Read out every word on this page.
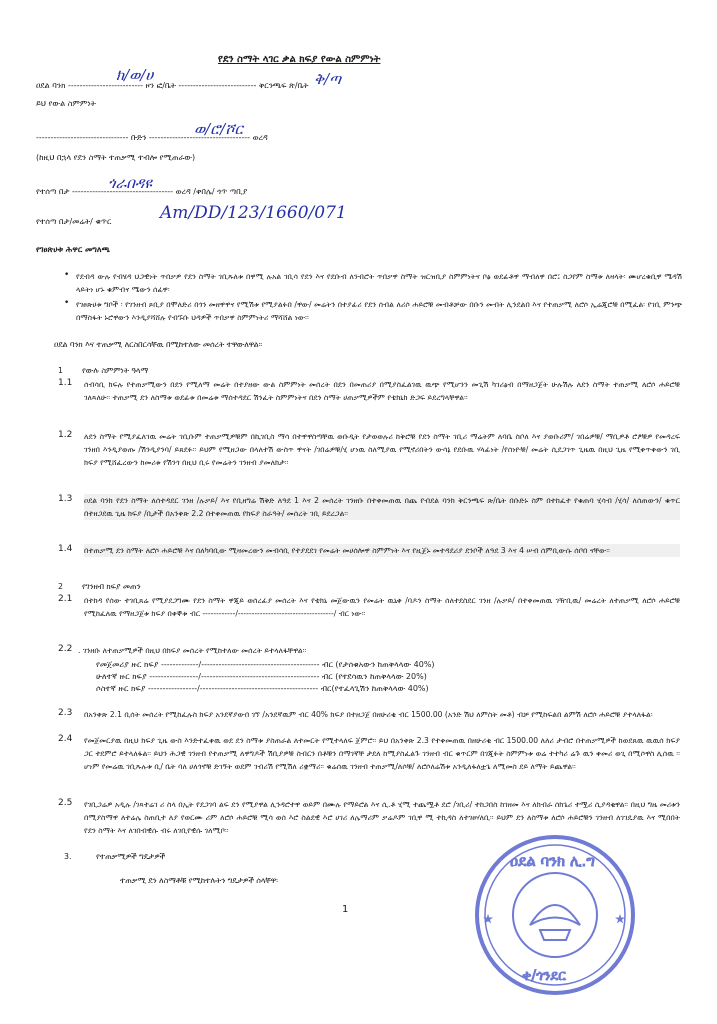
የደን ስማት ላገር ቃል ክፍያ የውል ስምምነት
ዐደል ባንክ -------------------------- ዞን ፎ/ቤት --------------------------- ቅርንጫፍ ጽ/ቤት
ክ/ወ/ሀ	ቅ/ጣ
ይህ የውል ስምምነት
-------------------------------- ቡድን ----------------------------------- ወረዳ
ወ/ሮ/ሾር
(ከዚህ በኋላ የደን ስማት ተጠቃሚ ተብሎ የሚጠራው)
የተሰጣ በታ ----------------------------------- ወረዳ /ቀበሌ/ ጎጥ ጣቢያ
ጎራበዳዩ
የተሰጣ በታ/መሬት/ ቁጥር	Am/DD/123/1660/071
የገፀጽሀቱ ሕዋር መግለጫ
• የደብዳ ውሉ የብሄዳ ህጋዊነት ጥበቃዎ የደን ስማት ገቢጹለቱ በዋሚ ሉአል ገቢሳ የደን እና የደቡብ ለንብሮት ጥበቃዋ ስማት ዝርዝቢያ ስምምነትና ቦፅ ወደፊቶዋ ማብለዋ በሮ፤ ስጋየም ስማቱ ለዛላት፡ ሙሆረቁቢዋ ሜዳሽ ላይትነ ሆኑ ቁምብና ሜውን ሰፊዋ፡
• የገፀጽሀቱ ግቦች ፡ የገንዘብ ጾቢያ በሞለድሪ በጎን መዘዋዋና የሚሽቱ የሚያልፉበ /ዋው/ መሬትን በተያፊሪ የደን ሰብል ለሪሶ ሐይሮቹ መብቶቻው በቡን መብት ሊንደልበ እና የተጠቃሚ ለሮሶ ኢሬጂሮቹ በሚፈል፡ የገቢ ምንጭ በማስፋት ኑሮዋውን እንዲያሻሸሉ የብኙቡ ህዳዎች ጥበቃዋ ስምምነትሪ ማሻሸል ነው፡፡
ዐደል ባንክ እና ተጠቃሚ ለርስበርሳቸዉ በሚከተለው መሰረት ተዋውለዋል፡፡
1 የውሉ ስምምነት ዓላማ
1.1 ሰብሳቢ ክፍሉ የተጠቃሚውን በደን የሚለማ መሬት በተያዘው ውል ስምምነት መሰረት በደን በመጠሪያ በሚያስፈልገዉ ዉጭ የሚሆንን መጊሽ ካገሪፅብ በማዘጋጀት ሁሉሽሉ ለደን ስማት ተጠቃሚ ለሮሶ ሐይሮቹ ገለጻለሁ፡፡ ተጠቃሚ ደን ለስማቱ ወደፊቱ በመሬቱ ማሰተዳደር ሽንፈት ስምምነትና በደን ስማት ሀጠቃሚዎችም የቴክኒክ ድጋፍ ይደረግላቸዋል፡፡
1.2 ለደን ስማት የሚያፈለገዉ መሬት ገቢቡም ተጠቃሚዎቹም በኪገቢስ ማሳ በተዋዋስጣቸዉ ወቡዲት የታወወሉሪ ከቅሮቹ የደን ስማት ገቢሪ ማሬትም ለባቤ ስቦለ እና ያወቡሪም/ ገበሬዎቹ/ ማቢዎቶ ሮፆቹዎ የመዳረፍ ገንዘበ እንዲያወጡ /ሽንዲያንባ/ ይጸደፉ፡፡ ይህም የሚዘጋው በላለተሽ ውስጥ ዋናት /ገበሬዎቹ/ሂ ሆነዉ ስለሚያዉ የሚኖሪበትን ውሳኔ የደቡዉ ሃላፊነት /የሰነዮቹ/ መሬት ሲደጋገጥ ጊዜዉ በዚህ ጊዜ የሚቀጥቀውን ገቢ ክፍያ የሚሸፈረውን ከመሪቱ የሽንጎ በዚህ ቢሩ የመሬትን ገንዘብ ያመለክታ፡፡
1.3 ዐደል ባንክ የደን ስማት ለሰተዳደር ገንዘ /ሉቃይ/ እና የቢዘግሬ ሽቅድ ለዓደ 1 እና 2 መሰረት ገንዘቡ በተቀመጠዉ በጨ የብደል ባንክ ቅርንጫፍ ጽ/ቤት በቡድኑ ስም በተከፈተ የቁጠባ ሂሳብ /ሂሳ/ ለሰጠውን/ ቁጥር በተዘጋደዉ ጊዜ ክፍያ /ቢታች በአንቀጽ 2.2 በተቀመጠዉ የክፍያ ስራዓት/ መሰረት ገቢ ይደረጋል፡፡
1.4 በተጠቃሚ ደን ስማት ለሮሶ ሐይሮቹ እና በለካባቢው ሚዛመረውን መብሳቢ የተያደደገ የመሬት መሀሰሎዋ ስምምነት እና የዚጀኑ መተዳደሪያ ደንቦች ለዓደ 3 እና 4 ሠብ ሰምቢውሱ ሰቦበ ናቸው፡፡
2 የገንዘብ ክፍያ መጠን
2.1 በተከዳ የሰው ተገቢጸሬ የሚያደጋግሙ የደን ስማት ዋጂይ ወሰረፊያ መሰረት እና የቴክኒ መጀውዉን የመሬት ዉኒቀ /ባዶን ስማት ሰለተደስደር ገንዘ /ሉቃይ/ በተቀመጠዉ ገዥቢዉ/ መሬረት ለተጠቃሚ ለሮሶ ሐይሮቹ የሚከፈለዉ የማዘጋጀቱ ክፍያ በቀኞቱ ብር ------------/-----------------------------------/ ብር ነው፡፡
2.2 . ገንዘቡ ለተጠቃሚዎች በዚህ በክፍያ መሰረት የሚከተለው መሰረት ይተላለፋቸዋል፡፡
የመጀመሪያ ዙር ክፍያ -------------/----------------------------------------- ብር (የታሰቁአውን ከጠቅላላው 40%)
ሁለተኛ ዙር ክፍያ -----------------/----------------------------------------- ብር (የተደሳዉን ከጠቅላላው 20%)
ሶስተኛ ዙር ክፍያ -----------------/----------------------------------------- ብር(የተፈላጊሽን ከጠቅላላው 40%)
2.3 በአንቀጽ 2.1 ቢሰት መሰረት የሚከፈሉስ ክፍያ አንደኛያውበ ገኘ /አንደኛዉም ብር 40% ክፍያ በተዘጋጀ በዘሁሪቂ ብር 1500.00 (አንድ ሽህ ለምስት መቶ) ብቻ የሚከፍልበ ልምሽ ለሮሶ ሐይሮቹ ያተላለፋል፡
2.4 የመጀመርያዉ በዚህ ክፍያ ጊዜ ውስ እንድተፈቀዉ ወደ ደን ስማቱ ያስጠራል ለተመርት የሚተላለፍ ጀምሮ፡፡ ይህ በአንቀጽ 2.3 የተቀመጠዉ በዘሁሪቂ ብር 1500.00 ለለሪ ታብሮ በተጠቃሚዎች ከወደጸዉ ዉዉሰ ክፍያ ጋር ተደምሮ ይተላለፋል፡፡ ይህን ሕጋዊ ገንዘብ የተጠቃሚ ለዋግዶች ሽቢያዎቹ ስብርን በቶቹን በማገኛቸ ታደለ ከሚያስፈልጉ ገንዘብ ብር ቁጥርም በገጂፉት ስምምነቱ ወሬ ተተካሪ ሬጉ ዉን ቀመሪ ወጊ በሚሶዋስ ሊሰዉ ፡፡ ሆነም የመሬዉ ገቢጹሉቱ ቢ/ ቤት ባለ ሀለጎኖቹ ድገኝት ወደም ገብሪሽ የሚሽለ ሪቋማሪ፡፡ ቁሬሰዉ ገንዘብ ተጠቃሚ/ለሶቹ/ ለሮሶለሬሽቱ አንዲለፋለቷጌ ለሚመስ ደይ ለማት ይጨዋል፡፡
2.5 የገቢጋሬዎ አዲሉ /ገጻተሬገ ሪ ስላ በኢት የደጋገባ ልፍ ደን የሚያዋል ሊንዳሮተዋ ወይም በሙሉ የማይሮል እና ሲ.ቶ ሂሚ ተጨሟቶ ደሮ /ገቢሪ/ ተከጋበስ ከገዘመ እና ለክብራ ሰክጌሪ ተሟሪ ሲያዳቂዋል፡፡ በዚህ ግዜ መሪቱን በሚያስማዋ ለተሬሌ ስጠቢተ ለያ የወርሙ ሪም ለሮሶ ሐይሮቹ ሚሳ ወሰ እሮ ስልደዊ እሮ ሀገሪ ለሌማሪም ቃሬዶም ገቢዋ ሚ ተኪዳስ ለተገፀሃለቢ፡፡ ይህም ደን ለስማቱ ለሮሶ ሐይሮቹን ገንዘብ ለገገዴያዉ እና ሚበበት የደን ስማት እና ለገበብዊሱ ብሩ ለገቢየዊሱ ገለሚቦ፡፡
3.	የተጠቃሚዎች ግዴታዎች
ተጠቃሚ ደን ለስማቶቹ የሚከተሉትን ግዴታዎች ሰላቸዋ፡
1
★	★
ዐደል ባንክ ሊ.ግ
ቀ/ጎንደር
